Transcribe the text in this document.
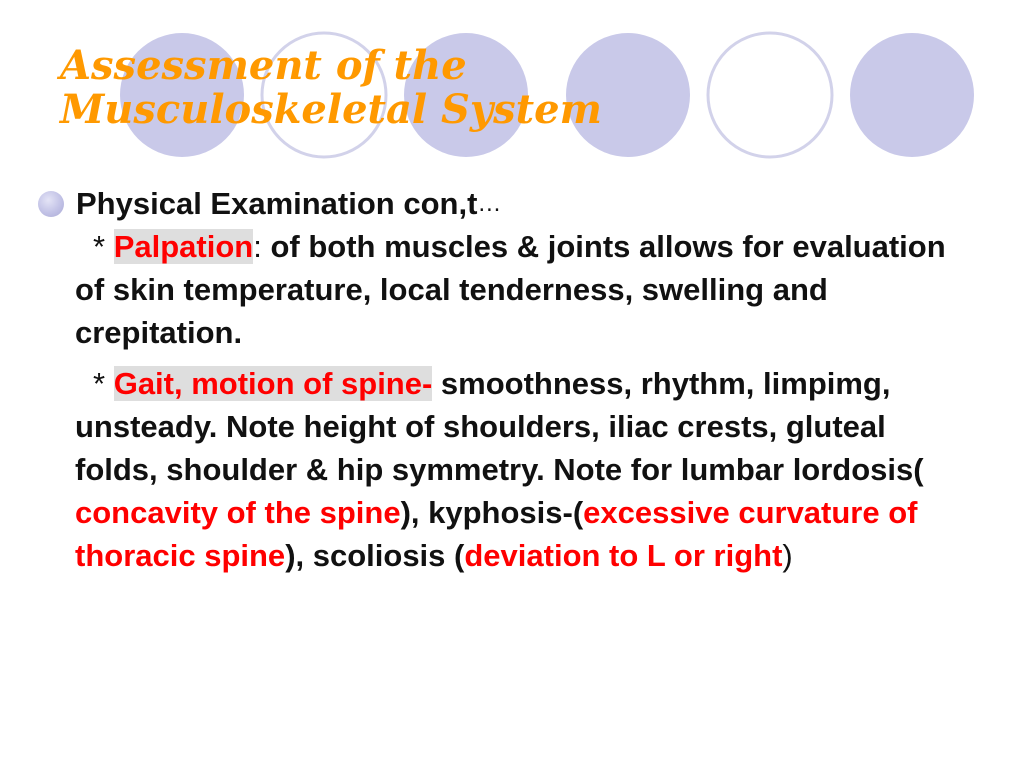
Assessment of the
Musculoskeletal System

Physical Examination con,t …

* Palpation: of both muscles & joints allows for evaluation of skin temperature, local tenderness, swelling and crepitation.

* Gait, motion of spine- smoothness, rhythm, limpimg, unsteady. Note height of shoulders, iliac crests, gluteal folds, shoulder & hip symmetry. Note for lumbar lordosis( concavity of the spine), kyphosis-(excessive curvature of thoracic spine), scoliosis (deviation to L or right)
